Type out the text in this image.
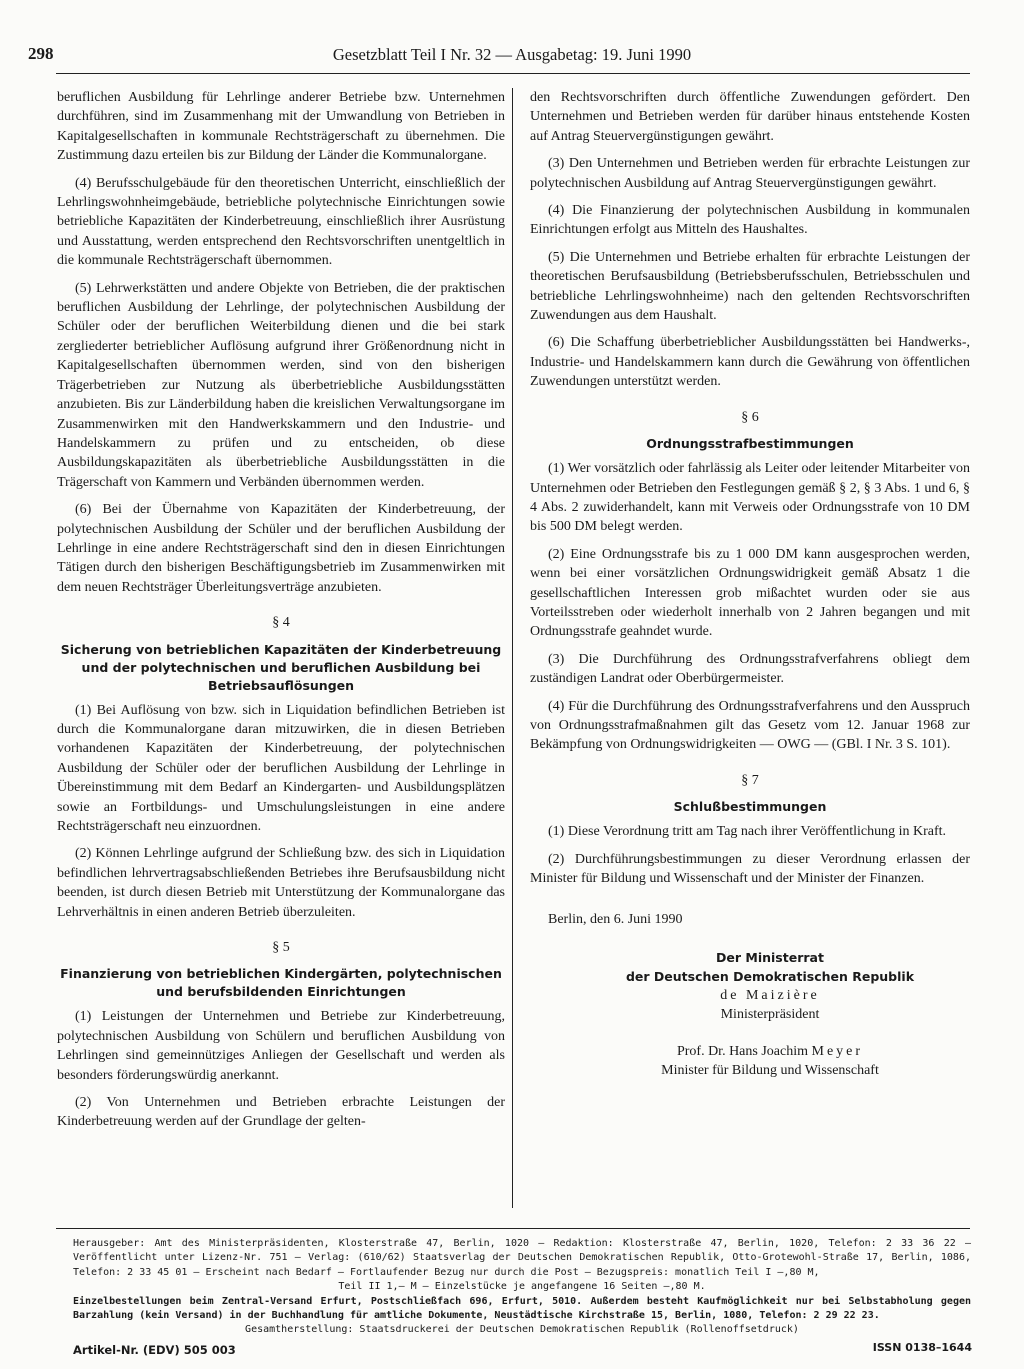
298	Gesetzblatt Teil I Nr. 32 — Ausgabetag: 19. Juni 1990

beruflichen Ausbildung für Lehrlinge anderer Betriebe bzw. Unternehmen durchführen, sind im Zusammenhang mit der Umwandlung von Betrieben in Kapitalgesellschaften in kommunale Rechtsträgerschaft zu übernehmen. Die Zustimmung dazu erteilen bis zur Bildung der Länder die Kommunalorgane.

(4) Berufsschulgebäude für den theoretischen Unterricht, einschließlich der Lehrlingswohnheimgebäude, betriebliche polytechnische Einrichtungen sowie betriebliche Kapazitäten der Kinderbetreuung, einschließlich ihrer Ausrüstung und Ausstattung, werden entsprechend den Rechtsvorschriften unentgeltlich in die kommunale Rechtsträgerschaft übernommen.

(5) Lehrwerkstätten und andere Objekte von Betrieben, die der praktischen beruflichen Ausbildung der Lehrlinge, der polytechnischen Ausbildung der Schüler oder der beruflichen Weiterbildung dienen und die bei stark zergliederter betrieblicher Auflösung aufgrund ihrer Größenordnung nicht in Kapitalgesellschaften übernommen werden, sind von den bisherigen Trägerbetrieben zur Nutzung als überbetriebliche Ausbildungsstätten anzubieten. Bis zur Länderbildung haben die kreislichen Verwaltungsorgane im Zusammenwirken mit den Handwerkskammern und den Industrie- und Handelskammern zu prüfen und zu entscheiden, ob diese Ausbildungskapazitäten als überbetriebliche Ausbildungsstätten in die Trägerschaft von Kammern und Verbänden übernommen werden.

(6) Bei der Übernahme von Kapazitäten der Kinderbetreuung, der polytechnischen Ausbildung der Schüler und der beruflichen Ausbildung der Lehrlinge in eine andere Rechtsträgerschaft sind den in diesen Einrichtungen Tätigen durch den bisherigen Beschäftigungsbetrieb im Zusammenwirken mit dem neuen Rechtsträger Überleitungsverträge anzubieten.

§ 4
Sicherung von betrieblichen Kapazitäten der Kinderbetreuung und der polytechnischen und beruflichen Ausbildung bei Betriebsauflösungen

(1) Bei Auflösung von bzw. sich in Liquidation befindlichen Betrieben ist durch die Kommunalorgane daran mitzuwirken, die in diesen Betrieben vorhandenen Kapazitäten der Kinderbetreuung, der polytechnischen Ausbildung der Schüler oder der beruflichen Ausbildung der Lehrlinge in Übereinstimmung mit dem Bedarf an Kindergarten- und Ausbildungsplätzen sowie an Fortbildungs- und Umschulungsleistungen in eine andere Rechtsträgerschaft neu einzuordnen.

(2) Können Lehrlinge aufgrund der Schließung bzw. des sich in Liquidation befindlichen lehrvertragsabschließenden Betriebes ihre Berufsausbildung nicht beenden, ist durch diesen Betrieb mit Unterstützung der Kommunalorgane das Lehrverhältnis in einen anderen Betrieb überzuleiten.

§ 5
Finanzierung von betrieblichen Kindergärten, polytechnischen und berufsbildenden Einrichtungen

(1) Leistungen der Unternehmen und Betriebe zur Kinderbetreuung, polytechnischen Ausbildung von Schülern und beruflichen Ausbildung von Lehrlingen sind gemeinnütziges Anliegen der Gesellschaft und werden als besonders förderungswürdig anerkannt.

(2) Von Unternehmen und Betrieben erbrachte Leistungen der Kinderbetreuung werden auf der Grundlage der gelten-

den Rechtsvorschriften durch öffentliche Zuwendungen gefördert. Den Unternehmen und Betrieben werden für darüber hinaus entstehende Kosten auf Antrag Steuervergünstigungen gewährt.

(3) Den Unternehmen und Betrieben werden für erbrachte Leistungen zur polytechnischen Ausbildung auf Antrag Steuervergünstigungen gewährt.

(4) Die Finanzierung der polytechnischen Ausbildung in kommunalen Einrichtungen erfolgt aus Mitteln des Haushaltes.

(5) Die Unternehmen und Betriebe erhalten für erbrachte Leistungen der theoretischen Berufsausbildung (Betriebsberufsschulen, Betriebsschulen und betriebliche Lehrlingswohnheime) nach den geltenden Rechtsvorschriften Zuwendungen aus dem Haushalt.

(6) Die Schaffung überbetrieblicher Ausbildungsstätten bei Handwerks-, Industrie- und Handelskammern kann durch die Gewährung von öffentlichen Zuwendungen unterstützt werden.

§ 6
Ordnungsstrafbestimmungen

(1) Wer vorsätzlich oder fahrlässig als Leiter oder leitender Mitarbeiter von Unternehmen oder Betrieben den Festlegungen gemäß § 2, § 3 Abs. 1 und 6, § 4 Abs. 2 zuwiderhandelt, kann mit Verweis oder Ordnungsstrafe von 10 DM bis 500 DM belegt werden.

(2) Eine Ordnungsstrafe bis zu 1 000 DM kann ausgesprochen werden, wenn bei einer vorsätzlichen Ordnungswidrigkeit gemäß Absatz 1 die gesellschaftlichen Interessen grob mißachtet wurden oder sie aus Vorteilsstreben oder wiederholt innerhalb von 2 Jahren begangen und mit Ordnungsstrafe geahndet wurde.

(3) Die Durchführung des Ordnungsstrafverfahrens obliegt dem zuständigen Landrat oder Oberbürgermeister.

(4) Für die Durchführung des Ordnungsstrafverfahrens und den Ausspruch von Ordnungsstrafmaßnahmen gilt das Gesetz vom 12. Januar 1968 zur Bekämpfung von Ordnungswidrigkeiten — OWG — (GBl. I Nr. 3 S. 101).

§ 7
Schlußbestimmungen

(1) Diese Verordnung tritt am Tag nach ihrer Veröffentlichung in Kraft.

(2) Durchführungsbestimmungen zu dieser Verordnung erlassen der Minister für Bildung und Wissenschaft und der Minister der Finanzen.

Berlin, den 6. Juni 1990
Der Ministerrat
der Deutschen Demokratischen Republik
de Maizière
Ministerpräsident
Prof. Dr. Hans Joachim Meyer
Minister für Bildung und Wissenschaft
Herausgeber: Amt des Ministerpräsidenten, Klosterstraße 47, Berlin, 1020 – Redaktion: Klosterstraße 47, Berlin, 1020, Telefon: 2 33 36 22 – Veröffentlicht unter Lizenz-Nr. 751 – Verlag: (610/62) Staatsverlag der Deutschen Demokratischen Republik, Otto-Grotewohl-Straße 17, Berlin, 1086, Telefon: 2 33 45 01 – Erscheint nach Bedarf – Fortlaufender Bezug nur durch die Post – Bezugspreis: monatlich Teil I –,80 M,
Teil II 1,– M – Einzelstücke je angefangene 16 Seiten –,80 M.
Einzelbestellungen beim Zentral-Versand Erfurt, Postschließfach 696, Erfurt, 5010. Außerdem besteht Kaufmöglichkeit nur bei Selbstabholung gegen Barzahlung (kein Versand) in der Buchhandlung für amtliche Dokumente, Neustädtische Kirchstraße 15, Berlin, 1080, Telefon: 2 29 22 23.
Gesamtherstellung: Staatsdruckerei der Deutschen Demokratischen Republik (Rollenoffsetdruck)
Artikel-Nr. (EDV) 505 003	ISSN 0138–1644
